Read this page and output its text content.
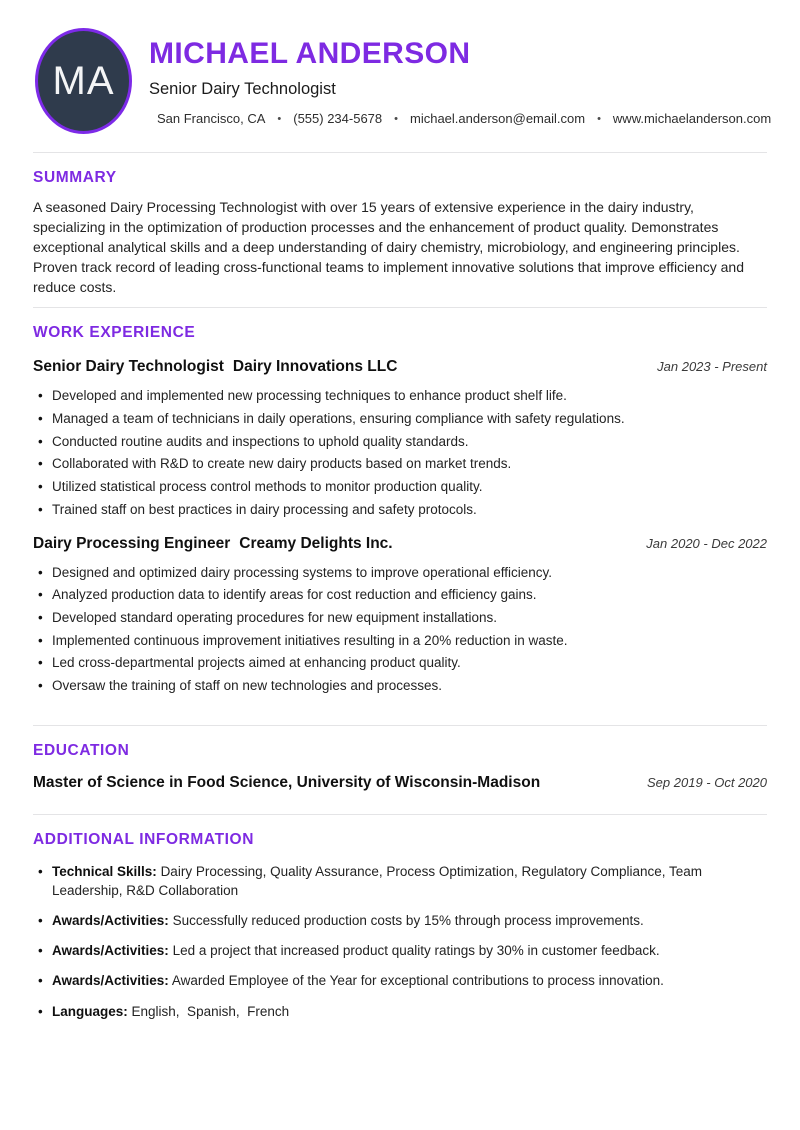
MA
MICHAEL ANDERSON
Senior Dairy Technologist
San Francisco, CA • (555) 234-5678 • michael.anderson@email.com • www.michaelanderson.com
SUMMARY

A seasoned Dairy Processing Technologist with over 15 years of extensive experience in the dairy industry, specializing in the optimization of production processes and the enhancement of product quality. Demonstrates exceptional analytical skills and a deep understanding of dairy chemistry, microbiology, and engineering principles. Proven track record of leading cross-functional teams to implement innovative solutions that improve efficiency and reduce costs.

WORK EXPERIENCE
Senior Dairy Technologist Dairy Innovations LLC	Jan 2023 - Present
• Developed and implemented new processing techniques to enhance product shelf life.
• Managed a team of technicians in daily operations, ensuring compliance with safety regulations.
• Conducted routine audits and inspections to uphold quality standards.
• Collaborated with R&D to create new dairy products based on market trends.
• Utilized statistical process control methods to monitor production quality.
• Trained staff on best practices in dairy processing and safety protocols.
Dairy Processing Engineer Creamy Delights Inc.	Jan 2020 - Dec 2022
• Designed and optimized dairy processing systems to improve operational efficiency.
• Analyzed production data to identify areas for cost reduction and efficiency gains.
• Developed standard operating procedures for new equipment installations.
• Implemented continuous improvement initiatives resulting in a 20% reduction in waste.
• Led cross-departmental projects aimed at enhancing product quality.
• Oversaw the training of staff on new technologies and processes.
EDUCATION
Master of Science in Food Science, University of Wisconsin-Madison	Sep 2019 - Oct 2020
ADDITIONAL INFORMATION
• Technical Skills: Dairy Processing, Quality Assurance, Process Optimization, Regulatory Compliance, Team Leadership, R&D Collaboration
• Awards/Activities: Successfully reduced production costs by 15% through process improvements.
• Awards/Activities: Led a project that increased product quality ratings by 30% in customer feedback.
• Awards/Activities: Awarded Employee of the Year for exceptional contributions to process innovation.
• Languages: English,  Spanish,  French
